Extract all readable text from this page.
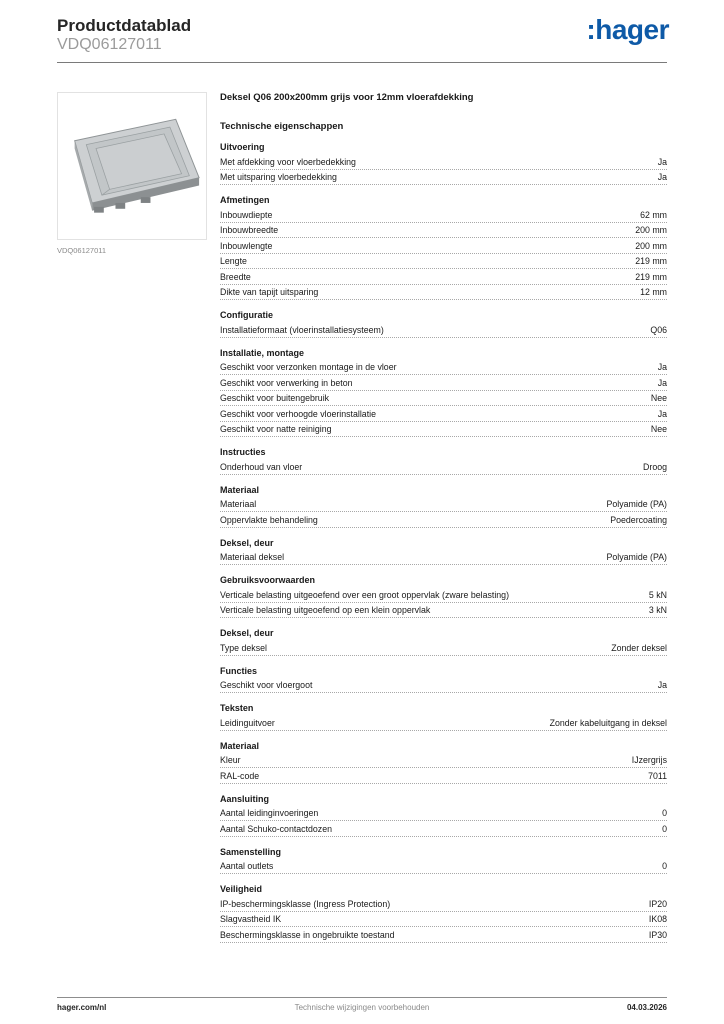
Productdatablad
VDQ06127011	:hager
VDQ06127011
Deksel Q06 200x200mm grijs voor 12mm vloerafdekking
Technische eigenschappen
Uitvoering
Met afdekking voor vloerbedekking	Ja
Met uitsparing vloerbedekking	Ja
Afmetingen
Inbouwdiepte	62 mm
Inbouwbreedte	200 mm
Inbouwlengte	200 mm
Lengte	219 mm
Breedte	219 mm
Dikte van tapijt uitsparing	12 mm
Configuratie
Installatieformaat (vloerinstallatiesysteem)	Q06
Installatie, montage
Geschikt voor verzonken montage in de vloer	Ja
Geschikt voor verwerking in beton	Ja
Geschikt voor buitengebruik	Nee
Geschikt voor verhoogde vloerinstallatie	Ja
Geschikt voor natte reiniging	Nee
Instructies
Onderhoud van vloer	Droog
Materiaal
Materiaal	Polyamide (PA)
Oppervlakte behandeling	Poedercoating
Deksel, deur
Materiaal deksel	Polyamide (PA)
Gebruiksvoorwaarden
Verticale belasting uitgeoefend over een groot oppervlak (zware belasting)	5 kN
Verticale belasting uitgeoefend op een klein oppervlak	3 kN
Deksel, deur
Type deksel	Zonder deksel
Functies
Geschikt voor vloergoot	Ja
Teksten
Leidinguitvoer	Zonder kabeluitgang in deksel
Materiaal
Kleur	IJzergrijs
RAL-code	7011
Aansluiting
Aantal leidinginvoeringen	0
Aantal Schuko-contactdozen	0
Samenstelling
Aantal outlets	0
Veiligheid
IP-beschermingsklasse (Ingress Protection)	IP20
Slagvastheid IK	IK08
Beschermingsklasse in ongebruikte toestand	IP30
hager.com/nl	Technische wijzigingen voorbehouden	04.03.2026
